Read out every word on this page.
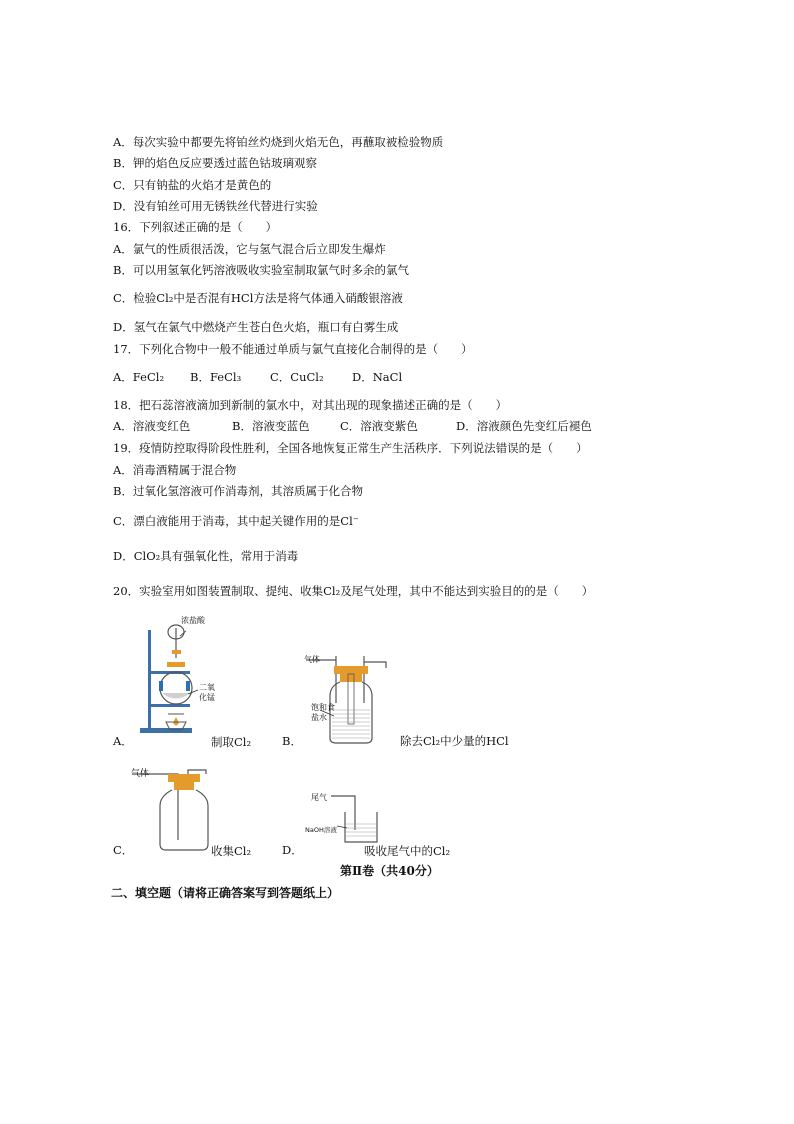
A．每次实验中都要先将铂丝灼烧到火焰无色，再蘸取被检验物质
B．钾的焰色反应要透过蓝色钴玻璃观察
C．只有钠盐的火焰才是黄色的
D．没有铂丝可用无锈铁丝代替进行实验
16．下列叙述正确的是（　　）
A．氯气的性质很活泼，它与氢气混合后立即发生爆炸
B．可以用氢氧化钙溶液吸收实验室制取氯气时多余的氯气
C．检验Cl₂中是否混有HCl方法是将气体通入硝酸银溶液
D．氢气在氯气中燃烧产生苍白色火焰，瓶口有白雾生成
17．下列化合物中一般不能通过单质与氯气直接化合制得的是（　　）
A．FeCl₂ B．FeCl₃	C．CuCl₂ D．NaCl
18．把石蕊溶液滴加到新制的氯水中，对其出现的现象描述正确的是（　　）
A．溶液变红色	B．溶液变蓝色	C．溶液变紫色	D．溶液颜色先变红后褪色
19．疫情防控取得阶段性胜利，全国各地恢复正常生产生活秩序．下列说法错误的是（　　）
A．消毒酒精属于混合物
B．过氧化氢溶液可作消毒剂，其溶质属于化合物
C．漂白液能用于消毒，其中起关键作用的是Cl⁻
D．ClO₂具有强氧化性，常用于消毒
20．实验室用如图装置制取、提纯、收集Cl₂及尾气处理，其中不能达到实验目的的是（　　）
A．
浓盐酸
二氧
化锰
制取Cl₂	B．
气体
饱和食
盐水
除去Cl₂中少量的HCl
C．
气体
收集Cl₂	D．
尾气
NaOH溶液
吸收尾气中的Cl₂
第Ⅱ卷（共40分）
二、填空题（请将正确答案写到答题纸上）
